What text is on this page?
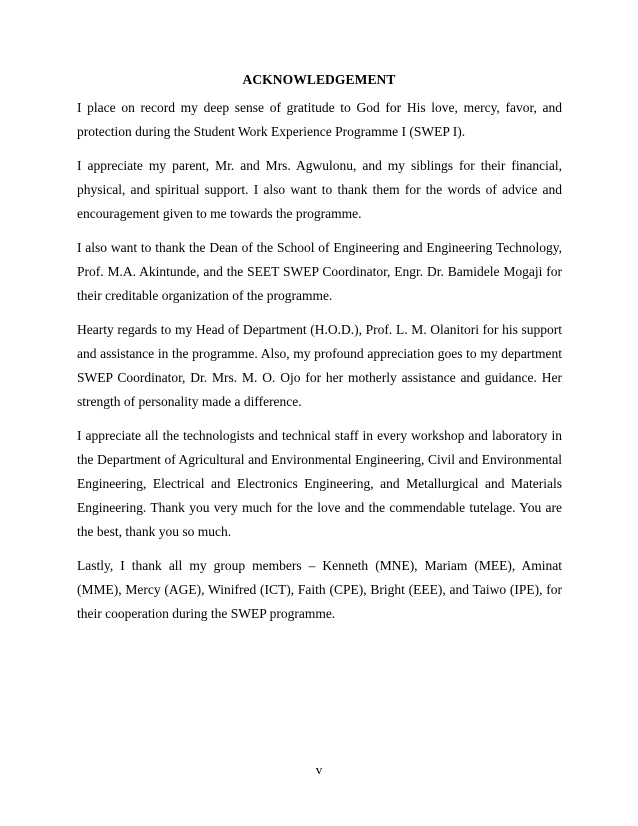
ACKNOWLEDGEMENT

I place on record my deep sense of gratitude to God for His love, mercy, favor, and protection during the Student Work Experience Programme I (SWEP I).

I appreciate my parent, Mr. and Mrs. Agwulonu, and my siblings for their financial, physical, and spiritual support. I also want to thank them for the words of advice and encouragement given to me towards the programme.

I also want to thank the Dean of the School of Engineering and Engineering Technology, Prof. M.A. Akintunde, and the SEET SWEP Coordinator, Engr. Dr. Bamidele Mogaji for their creditable organization of the programme.

Hearty regards to my Head of Department (H.O.D.), Prof. L. M. Olanitori for his support and assistance in the programme. Also, my profound appreciation goes to my department SWEP Coordinator, Dr. Mrs. M. O. Ojo for her motherly assistance and guidance. Her strength of personality made a difference.

I appreciate all the technologists and technical staff in every workshop and laboratory in the Department of Agricultural and Environmental Engineering, Civil and Environmental Engineering, Electrical and Electronics Engineering, and Metallurgical and Materials Engineering. Thank you very much for the love and the commendable tutelage. You are the best, thank you so much.

Lastly, I thank all my group members – Kenneth (MNE), Mariam (MEE), Aminat (MME), Mercy (AGE), Winifred (ICT), Faith (CPE), Bright (EEE), and Taiwo (IPE), for their cooperation during the SWEP programme.

v
